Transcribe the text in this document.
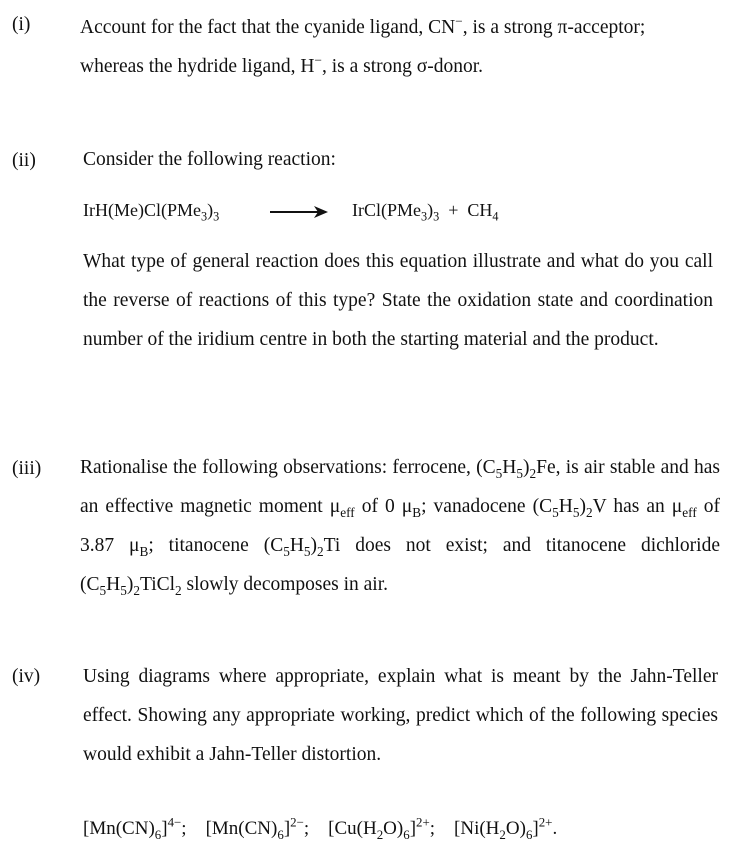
(i)	Account for the fact that the cyanide ligand, CN−, is a strong π-acceptor;
whereas the hydride ligand, H−, is a strong σ-donor.
(ii) Consider the following reaction:
$IrH(Me)Cl(PMe_3)_3$	→ $IrCl(PMe_3)_3 + CH_4$
What type of general reaction does this equation illustrate and what do you call the reverse of reactions of this type? State the oxidation state and coordination number of the iridium centre in both the starting material and the product.
(iii) Rationalise the following observations: ferrocene, $(C_5H_5)_2Fe$, is air stable and has an effective magnetic moment $\mu_{eff}$ of 0 $\mu_B$; vanadocene $(C_5H_5)_2V$ has an $\mu_{eff}$ of 3.87 $\mu_B$; titanocene $(C_5H_5)_2Ti$ does not exist; and titanocene dichloride $(C_5H_5)_2TiCl_2$ slowly decomposes in air.
(iv) Using diagrams where appropriate, explain what is meant by the Jahn-Teller effect. Showing any appropriate working, predict which of the following species would exhibit a Jahn-Teller distortion.
$[Mn(CN)_6]^{4-}$; $[Mn(CN)_6]^{2-}$; $[Cu(H_2O)_6]^{2+}$; $[Ni(H_2O)_6]^{2+}$.
